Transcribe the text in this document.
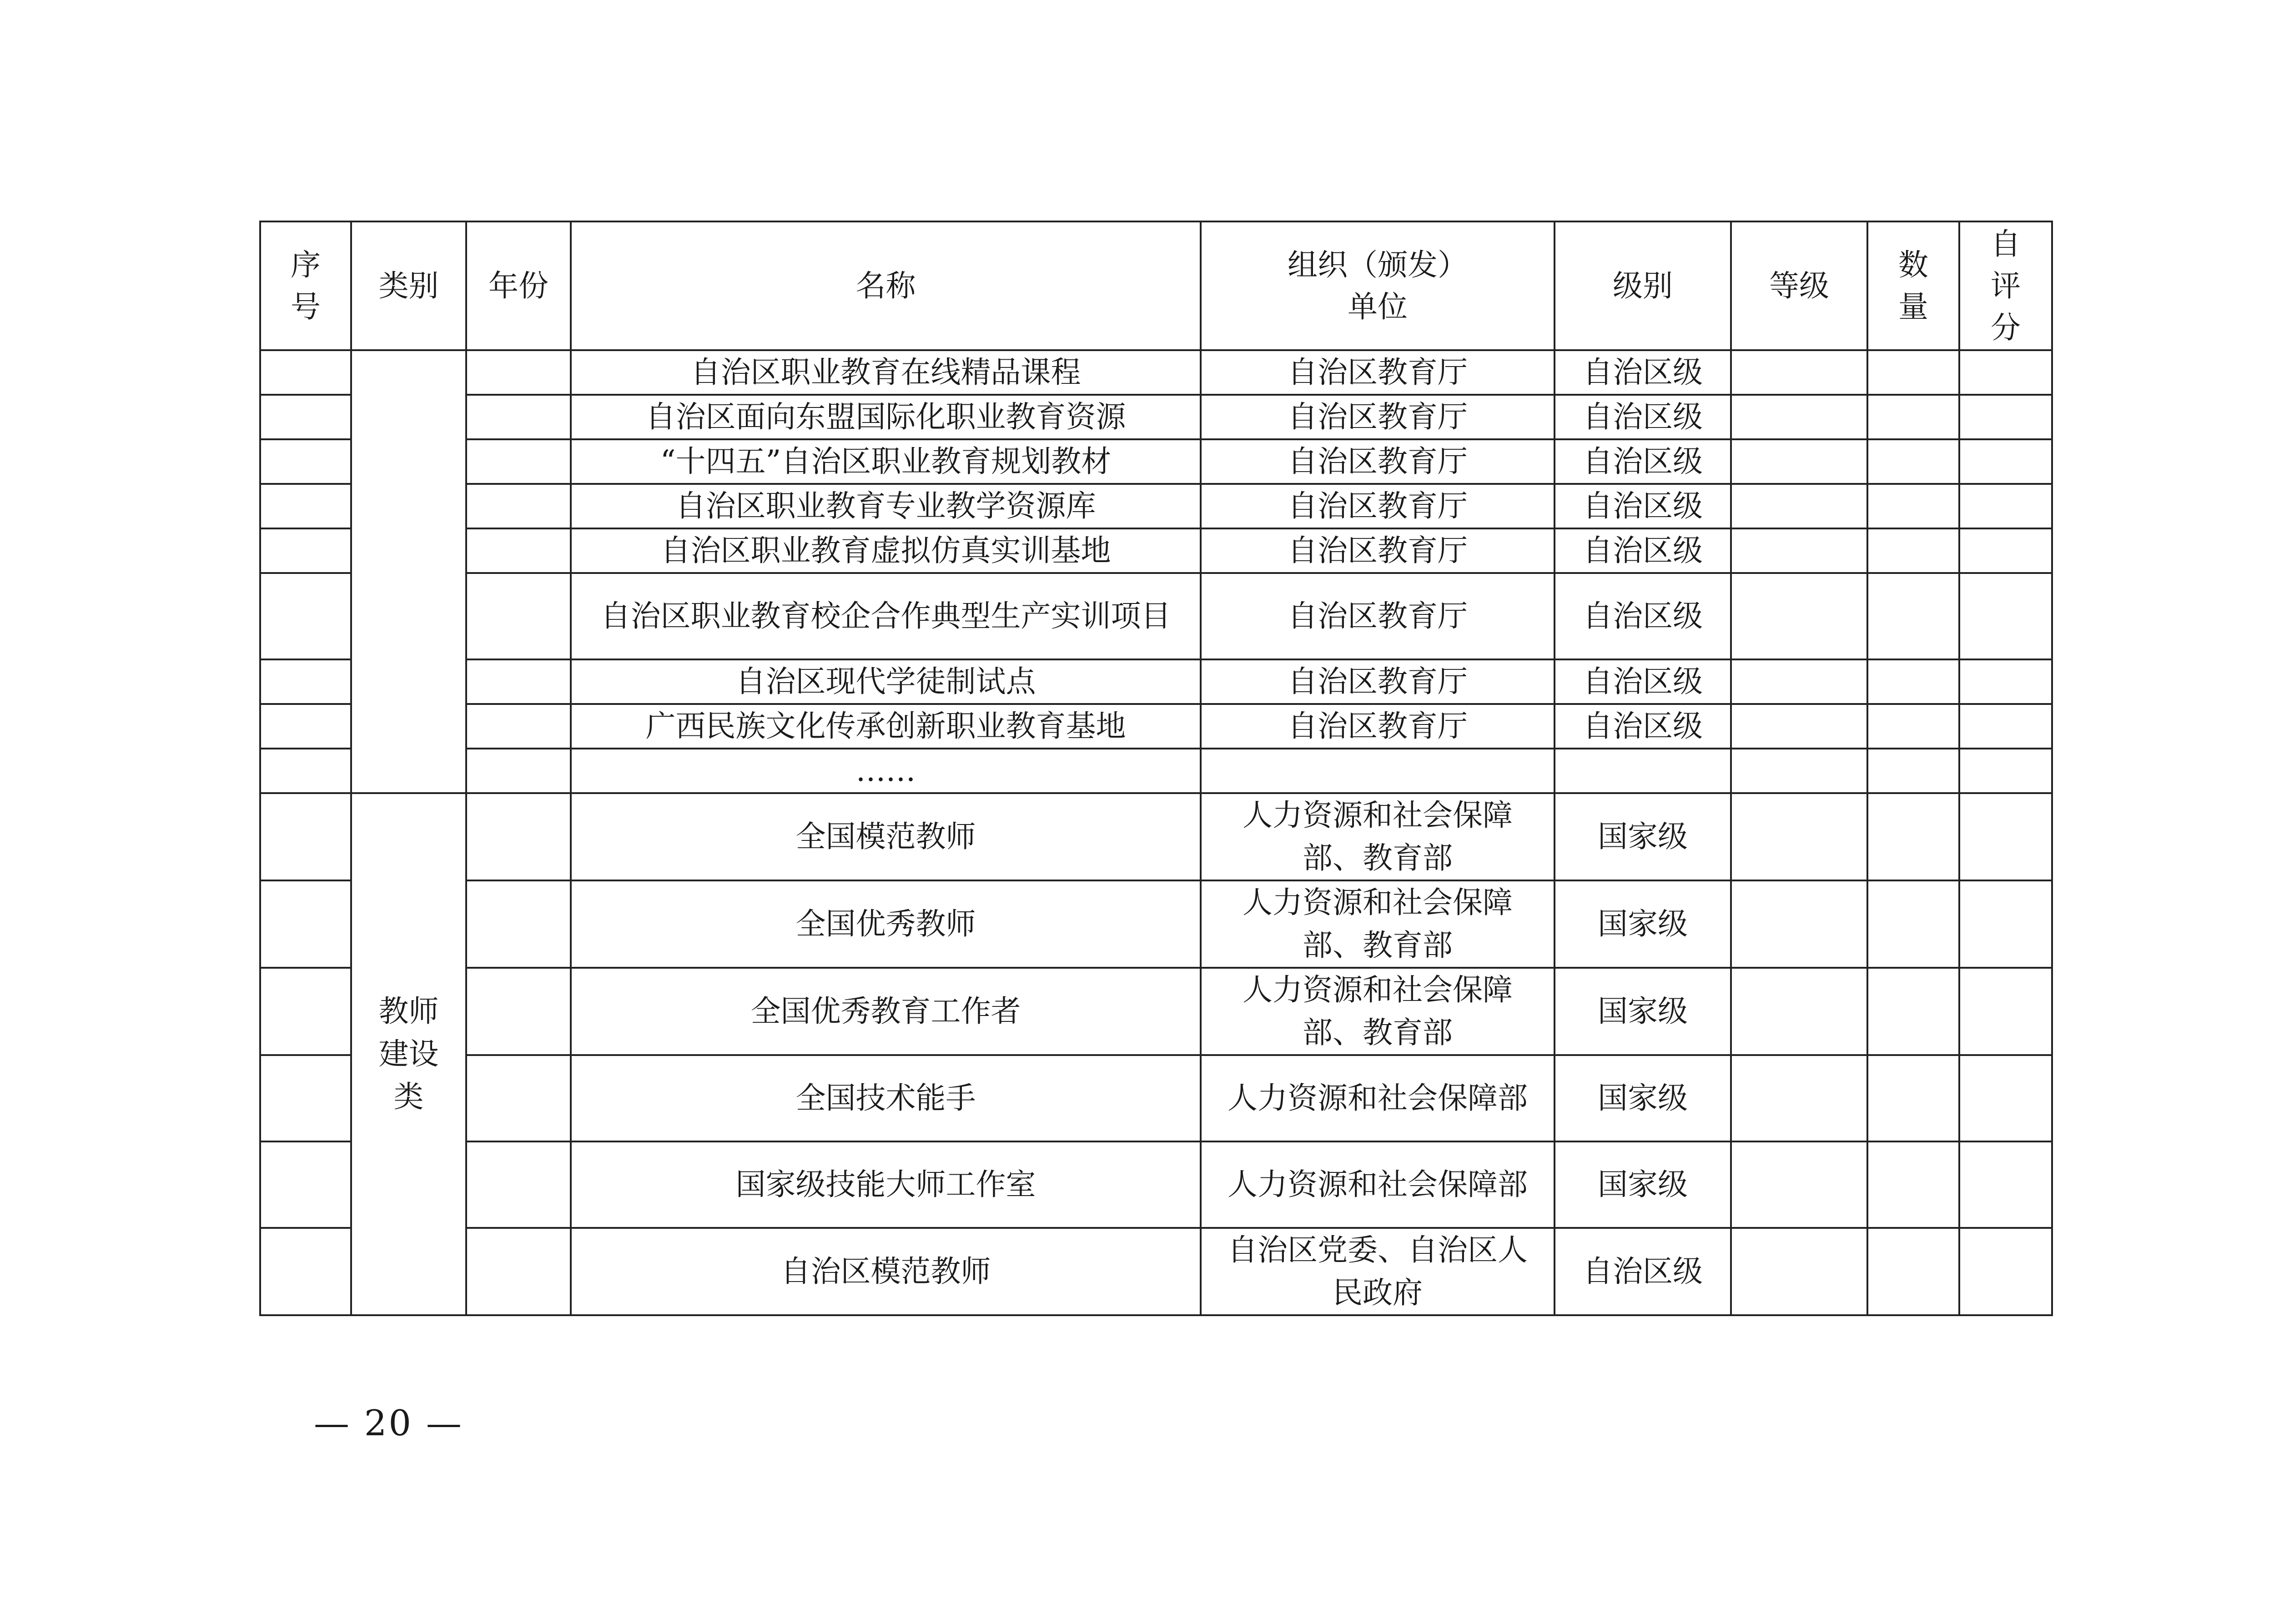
序号	类别	年份	名称	组织（颁发）单位	级别	等级	数量	自评分
			自治区职业教育在线精品课程	自治区教育厅	自治区级			
			自治区面向东盟国际化职业教育资源	自治区教育厅	自治区级			
			“十四五”自治区职业教育规划教材	自治区教育厅	自治区级			
			自治区职业教育专业教学资源库	自治区教育厅	自治区级			
			自治区职业教育虚拟仿真实训基地	自治区教育厅	自治区级			
			自治区职业教育校企合作典型生产实训项目	自治区教育厅	自治区级			
			自治区现代学徒制试点	自治区教育厅	自治区级			
			广西民族文化传承创新职业教育基地	自治区教育厅	自治区级			
			……					

	教师建设类		全国模范教师	人力资源和社会保障部、教育部	国家级			
			全国优秀教师	人力资源和社会保障部、教育部	国家级			
			全国优秀教育工作者	人力资源和社会保障部、教育部	国家级			
			全国技术能手	人力资源和社会保障部	国家级			
			国家级技能大师工作室	人力资源和社会保障部	国家级			
			自治区模范教师	自治区党委、自治区人民政府	自治区级			
— 20 —
